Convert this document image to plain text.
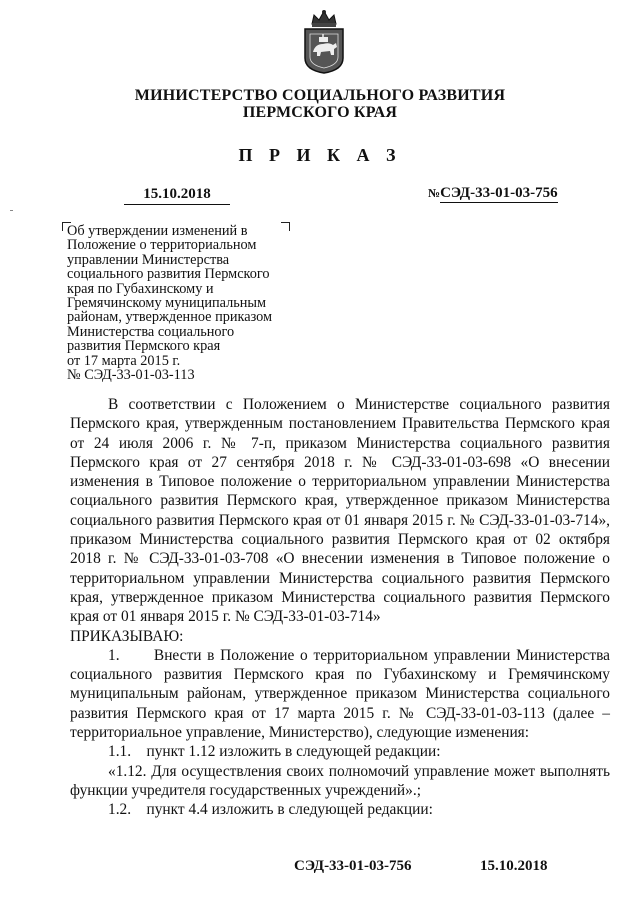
МИНИСТЕРСТВО СОЦИАЛЬНОГО РАЗВИТИЯ
ПЕРМСКОГО КРАЯ
П Р И К А З
15.10.2018	№СЭД-33-01-03-756
Об утверждении изменений в
Положение о территориальном
управлении Министерства
социального развития Пермского
края по Губахинскому и
Гремячинскому муниципальным
районам, утвержденное приказом
Министерства социального
развития Пермского края
от 17 марта 2015 г.
№ СЭД-33-01-03-113

В соответствии с Положением о Министерстве социального развития Пермского края, утвержденным постановлением Правительства Пермского края от 24 июля 2006 г. № 7-п, приказом Министерства социального развития Пермского края от 27 сентября 2018 г. № СЭД-33-01-03-698 «О внесении изменения в Типовое положение о территориальном управлении Министерства социального развития Пермского края, утвержденное приказом Министерства социального развития Пермского края от 01 января 2015 г. № СЭД-33-01-03-714», приказом Министерства социального развития Пермского края от 02 октября 2018 г. № СЭД-33-01-03-708 «О внесении изменения в Типовое положение о территориальном управлении Министерства социального развития Пермского края, утвержденное приказом Министерства социального развития Пермского края от 01 января 2015 г. № СЭД-33-01-03-714»

ПРИКАЗЫВАЮ:

1.      Внести в Положение о территориальном управлении Министерства социального развития Пермского края по Губахинскому и Гремячинскому муниципальным районам, утвержденное приказом Министерства социального развития Пермского края от 17 марта 2015 г. № СЭД-33-01-03-113 (далее – территориальное управление, Министерство), следующие изменения:

1.1.    пункт 1.12 изложить в следующей редакции:

«1.12. Для осуществления своих полномочий управление может выполнять функции учредителя государственных учреждений».;

1.2.    пункт 4.4 изложить в следующей редакции:

СЭД-33-01-03-756	15.10.2018
